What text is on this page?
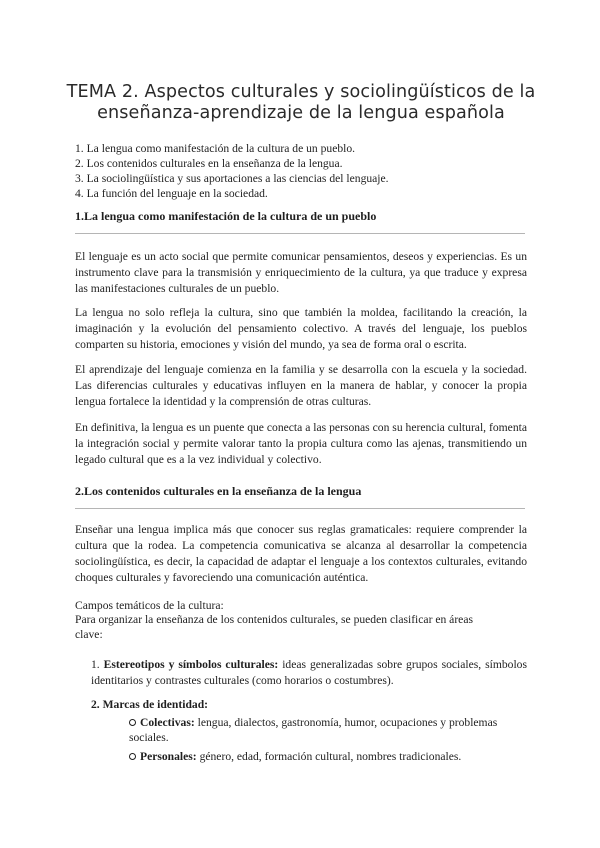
TEMA 2. Aspectos culturales y sociolingüísticos de la enseñanza-aprendizaje de la lengua española
1. La lengua como manifestación de la cultura de un pueblo.
2. Los contenidos culturales en la enseñanza de la lengua.
3. La sociolingüística y sus aportaciones a las ciencias del lenguaje.
4. La función del lenguaje en la sociedad.
1.La lengua como manifestación de la cultura de un pueblo

El lenguaje es un acto social que permite comunicar pensamientos, deseos y experiencias. Es un instrumento clave para la transmisión y enriquecimiento de la cultura, ya que traduce y expresa las manifestaciones culturales de un pueblo.

La lengua no solo refleja la cultura, sino que también la moldea, facilitando la creación, la imaginación y la evolución del pensamiento colectivo. A través del lenguaje, los pueblos comparten su historia, emociones y visión del mundo, ya sea de forma oral o escrita.

El aprendizaje del lenguaje comienza en la familia y se desarrolla con la escuela y la sociedad. Las diferencias culturales y educativas influyen en la manera de hablar, y conocer la propia lengua fortalece la identidad y la comprensión de otras culturas.

En definitiva, la lengua es un puente que conecta a las personas con su herencia cultural, fomenta la integración social y permite valorar tanto la propia cultura como las ajenas, transmitiendo un legado cultural que es a la vez individual y colectivo.

2.Los contenidos culturales en la enseñanza de la lengua

Enseñar una lengua implica más que conocer sus reglas gramaticales: requiere comprender la cultura que la rodea. La competencia comunicativa se alcanza al desarrollar la competencia sociolingüística, es decir, la capacidad de adaptar el lenguaje a los contextos culturales, evitando choques culturales y favoreciendo una comunicación auténtica.

Campos temáticos de la cultura:

Para organizar la enseñanza de los contenidos culturales, se pueden clasificar en áreas clave:

1. Estereotipos y símbolos culturales: ideas generalizadas sobre grupos sociales, símbolos identitarios y contrastes culturales (como horarios o costumbres).

2. Marcas de identidad:

Colectivas: lengua, dialectos, gastronomía, humor, ocupaciones y problemas sociales.

Personales: género, edad, formación cultural, nombres tradicionales.
